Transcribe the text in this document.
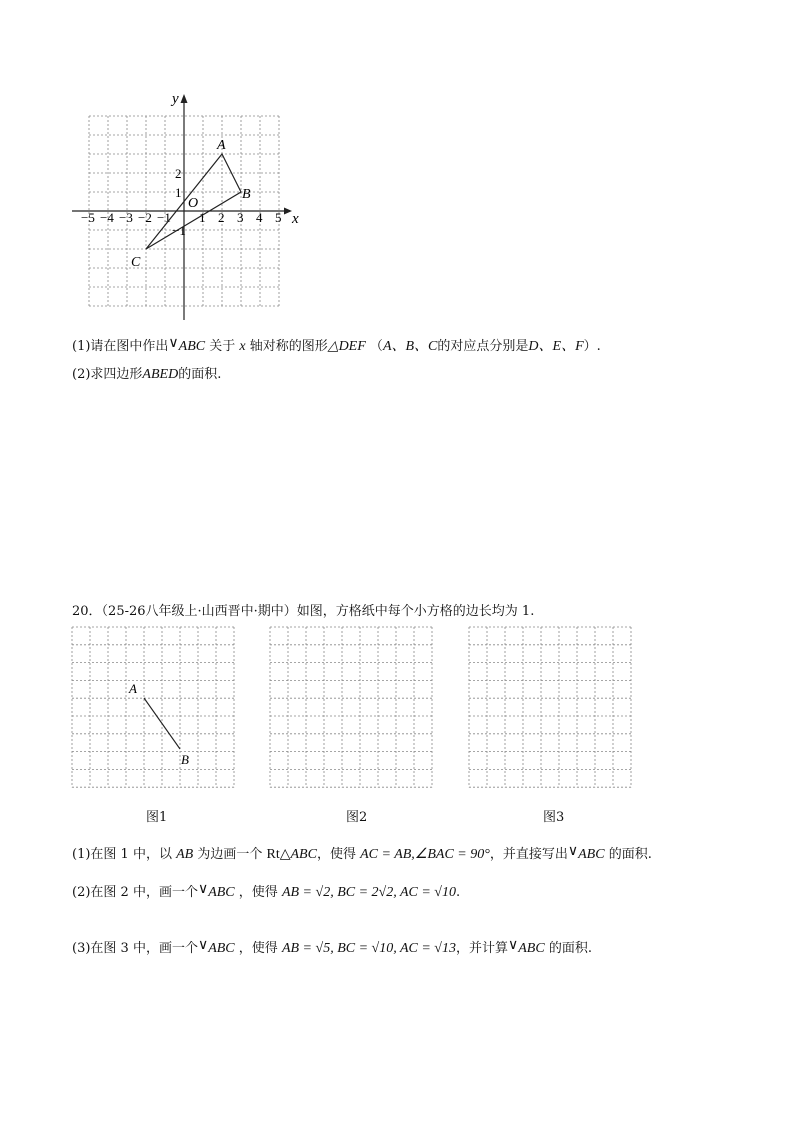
x
y
O
−5 −4 −3 −2 −1 1 2 3 4 5
2
1
−1
A
B
C
(1)请在图中作出∨ABC 关于 x 轴对称的图形△DEF （A、B、C的对应点分别是D、E、F）.
(2)求四边形ABED的面积.
20．（25-26八年级上·山西晋中·期中）如图，方格纸中每个小方格的边长均为 1.
A
B
图1	图2	图3
(1)在图 1 中，以 AB 为边画一个 Rt△ABC，使得 AC = AB,∠BAC = 90°，并直接写出∨ABC 的面积.
(2)在图 2 中，画一个∨ABC ，使得 AB = √2, BC = 2√2, AC = √10.
(3)在图 3 中，画一个∨ABC ，使得 AB = √5, BC = √10, AC = √13，并计算∨ABC 的面积.
